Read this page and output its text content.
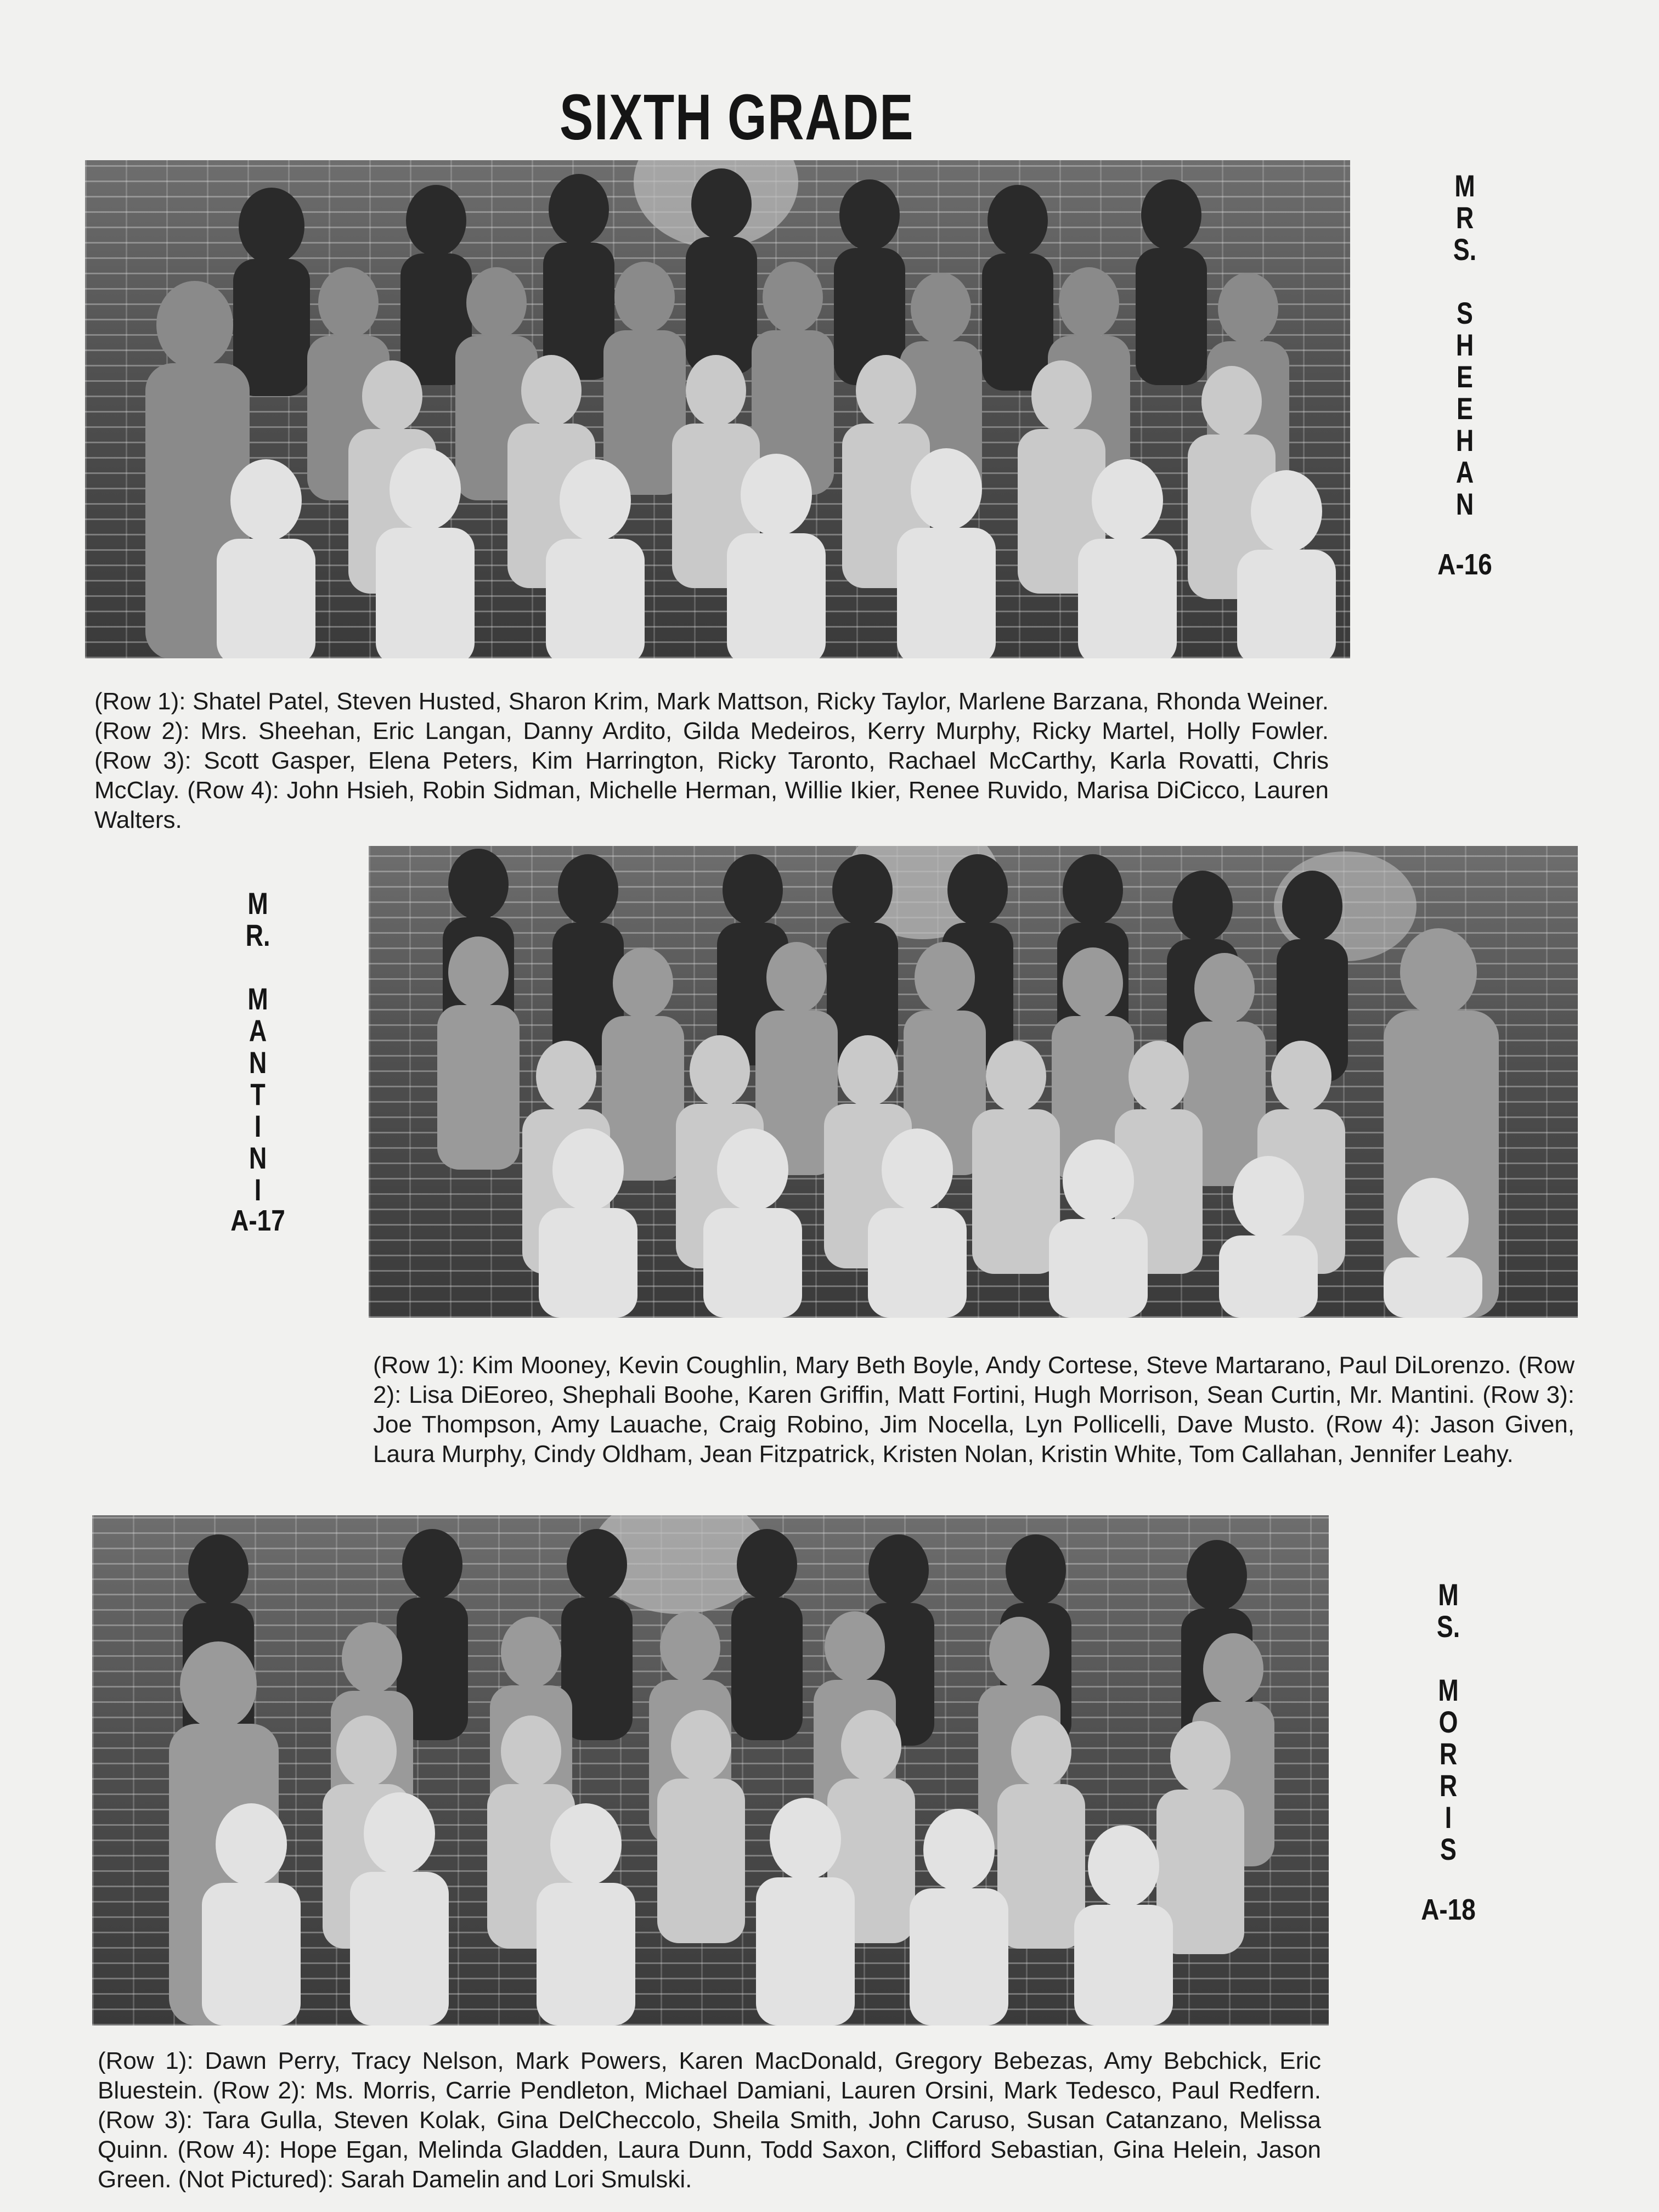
SIXTH GRADE
M
R
S.

S
H
E
E
H
A
N
A-16
(Row 1): Shatel Patel, Steven Husted, Sharon Krim, Mark Mattson, Ricky Taylor, Marlene Barzana, Rhonda Weiner. (Row 2): Mrs. Sheehan, Eric Langan, Danny Ardito, Gilda Medeiros, Kerry Murphy, Ricky Martel, Holly Fowler. (Row 3): Scott Gasper, Elena Peters, Kim Harrington, Ricky Taronto, Rachael McCarthy, Karla Rovatti, Chris McClay. (Row 4): John Hsieh, Robin Sidman, Michelle Herman, Willie Ikier, Renee Ruvido, Marisa DiCicco, Lauren Walters.
M
R.

M
A
N
T
I
N
I
A-17
(Row 1): Kim Mooney, Kevin Coughlin, Mary Beth Boyle, Andy Cortese, Steve Martarano, Paul DiLorenzo. (Row 2): Lisa DiEoreo, Shephali Boohe, Karen Griffin, Matt Fortini, Hugh Morrison, Sean Curtin, Mr. Mantini. (Row 3): Joe Thompson, Amy Lauache, Craig Robino, Jim Nocella, Lyn Pollicelli, Dave Musto. (Row 4): Jason Given, Laura Murphy, Cindy Oldham, Jean Fitzpatrick, Kristen Nolan, Kristin White, Tom Callahan, Jennifer Leahy.
M
S.

M
O
R
R
I
S
A-18
(Row 1): Dawn Perry, Tracy Nelson, Mark Powers, Karen MacDonald, Gregory Bebezas, Amy Bebchick, Eric Bluestein. (Row 2): Ms. Morris, Carrie Pendleton, Michael Damiani, Lauren Orsini, Mark Tedesco, Paul Redfern. (Row 3): Tara Gulla, Steven Kolak, Gina DelCheccolo, Sheila Smith, John Caruso, Susan Catanzano, Melissa Quinn. (Row 4): Hope Egan, Melinda Gladden, Laura Dunn, Todd Saxon, Clifford Sebastian, Gina Helein, Jason Green. (Not Pictured): Sarah Damelin and Lori Smulski.
